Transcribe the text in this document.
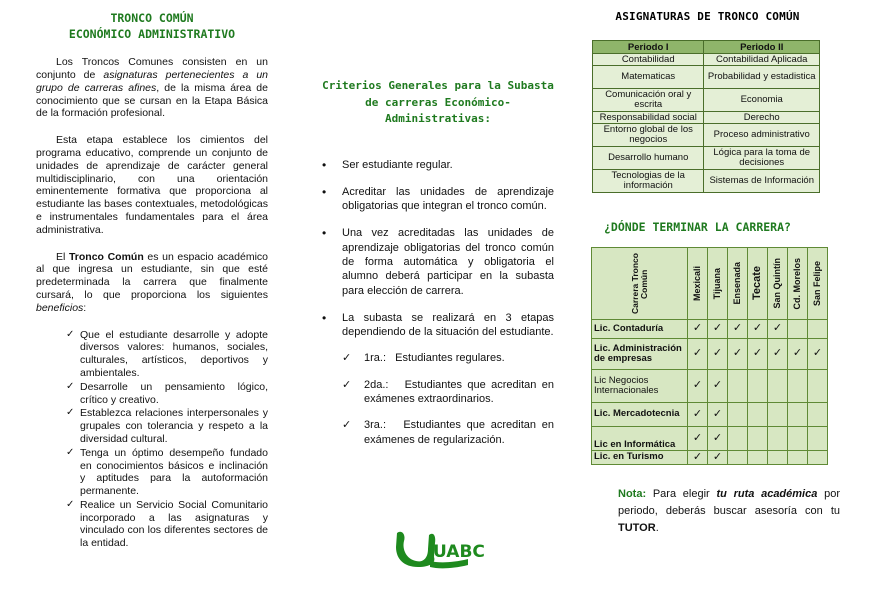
TRONCO COMÚN
ECONÓMICO ADMINISTRATIVO

Los Troncos Comunes consisten en un conjunto de asignaturas pertenecientes a un grupo de carreras afines, de la misma área de conocimiento que se cursan en la Etapa Básica de la formación profesional.

Esta etapa establece los cimientos del programa educativo, comprende un conjunto de unidades de aprendizaje de carácter general multidisciplinario, con una orientación eminentemente formativa que proporciona al estudiante las bases contextuales, metodológicas e instrumentales fundamentales para el área administrativa.

El Tronco Común es un espacio académico al que ingresa un estudiante, sin que esté predeterminada la carrera que finalmente cursará, lo que proporciona los siguientes beneficios:

✓ Que el estudiante desarrolle y adopte diversos valores: humanos, sociales, culturales, artísticos, deportivos y ambientales.
✓ Desarrolle un pensamiento lógico, crítico y creativo.
✓ Establezca relaciones interpersonales y grupales con tolerancia y respeto a la diversidad cultural.
✓ Tenga un óptimo desempeño fundado en conocimientos básicos e inclinación y aptitudes para la autoformación permanente.
✓ Realice un Servicio Social Comunitario incorporado a las asignaturas y vinculado con los diferentes sectores de la entidad.
Criterios Generales para la Subasta de carreras Económico-Administrativas:
• Ser estudiante regular.
• Acreditar las unidades de aprendizaje obligatorias que integran el tronco común.
• Una vez acreditadas las unidades de aprendizaje obligatorias del tronco común de forma automática y obligatoria el alumno deberá participar en la subasta para elección de carrera.
• La subasta se realizará en 3 etapas dependiendo de la situación del estudiante.
✓ 1ra.:   Estudiantes regulares.
✓ 2da.:   Estudiantes que acreditan en exámenes extraordinarios.
✓ 3ra.:   Estudiantes que acreditan en exámenes de regularización.
UABC
ASIGNATURAS DE TRONCO COMÚN
Periodo I	Periodo II
Contabilidad	Contabilidad Aplicada
Matematicas	Probabilidad y estadistica
Comunicación oral y escrita	Economia
Responsabilidad social	Derecho
Entorno global de los negocios	Proceso administrativo
Desarrollo humano	Lógica para la toma de decisiones
Tecnologias de la información	Sistemas de Información
¿DÓNDE TERMINAR LA CARRERA?
Carrera Tronco Común	Mexicali	Tijuana	Ensenada	Tecate	San Quintín	Cd. Morelos	San Felipe

Lic. Contaduría	✓	✓	✓	✓	✓		

Lic. Administración de empresas	✓	✓	✓	✓	✓	✓	✓

Lic Negocios Internacionales	✓	✓					
Lic. Mercadotecnia	✓	✓					
Lic en Informática	✓	✓					
Lic. en Turismo	✓	✓					

Nota: Para elegir tu ruta académica por periodo, deberás buscar asesoría con tu TUTOR.
